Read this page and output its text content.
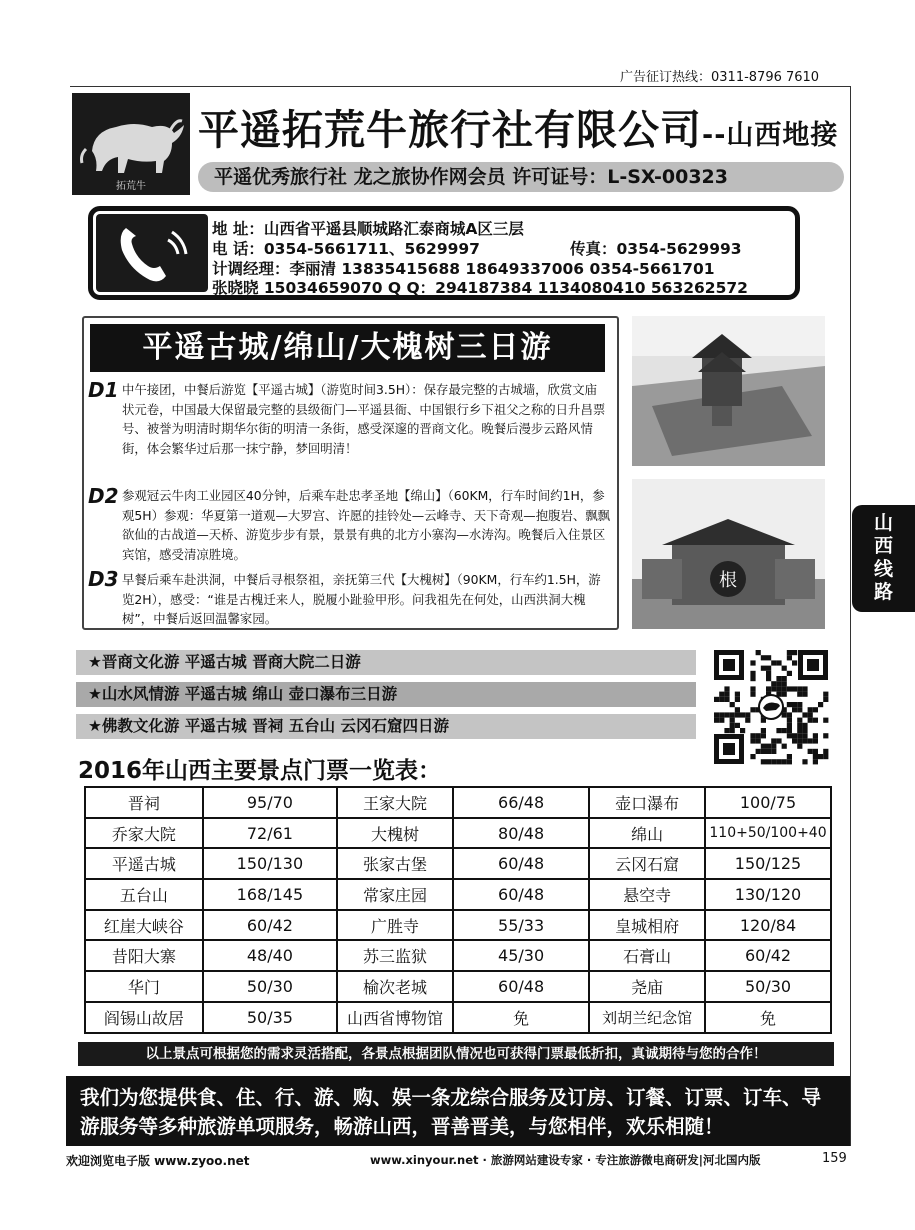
广告征订热线：0311-8796 7610
拓荒牛
平遥拓荒牛旅行社有限公司--山西地接
平遥优秀旅行社 龙之旅协作网会员 许可证号：L-SX-00323
地 址：山西省平遥县顺城路汇泰商城A区三层
电 话：0354-5661711、5629997	传真：0354-5629993
计调经理：李丽清 13835415688 18649337006 0354-5661701
张晓晓 15034659070 Q Q：294187384 1134080410 563262572
平遥古城/绵山/大槐树三日游
D1 中午接团，中餐后游览【平遥古城】（游览时间3.5H）：保存最完整的古城墙，欣赏文庙状元卷，中国最大保留最完整的县级衙门—平遥县衙、中国银行乡下祖父之称的日升昌票号、被誉为明清时期华尔街的明清一条街，感受深邃的晋商文化。晚餐后漫步云路风情街，体会繁华过后那一抹宁静，梦回明清！
D2 参观冠云牛肉工业园区40分钟，后乘车赴忠孝圣地【绵山】（60KM，行车时间约1H，参观5H）参观：华夏第一道观—大罗宫、许愿的挂铃处—云峰寺、天下奇观—抱腹岩、飘飘欲仙的古战道—天桥、游览步步有景，景景有典的北方小寨沟—水涛沟。晚餐后入住景区宾馆，感受清凉胜境。
D3 早餐后乘车赴洪洞，中餐后寻根祭祖，亲抚第三代【大槐树】（90KM，行车约1.5H，游览2H），感受：“谁是古槐迁来人，脱履小趾验甲形。问我祖先在何处，山西洪洞大槐树”，中餐后返回温馨家园。
根
山
西
线
路
★晋商文化游 平遥古城 晋商大院二日游
★山水风情游 平遥古城 绵山 壶口瀑布三日游
★佛教文化游 平遥古城 晋祠 五台山 云冈石窟四日游
2016年山西主要景点门票一览表：
晋祠	95/70	王家大院	66/48	壶口瀑布	100/75
乔家大院	72/61	大槐树	80/48	绵山	110+50/100+40
平遥古城	150/130	张家古堡	60/48	云冈石窟	150/125
五台山	168/145	常家庄园	60/48	悬空寺	130/120
红崖大峡谷	60/42	广胜寺	55/33	皇城相府	120/84
昔阳大寨	48/40	苏三监狱	45/30	石膏山	60/42
华门	50/30	榆次老城	60/48	尧庙	50/30
阎锡山故居	50/35	山西省博物馆	免	刘胡兰纪念馆	免
以上景点可根据您的需求灵活搭配，各景点根据团队情况也可获得门票最低折扣，真诚期待与您的合作！
我们为您提供食、住、行、游、购、娱一条龙综合服务及订房、订餐、订票、订车、导游服务等多种旅游单项服务，畅游山西，晋善晋美，与您相伴，欢乐相随！
欢迎浏览电子版 www.zyoo.net	www.xinyour.net · 旅游网站建设专家 · 专注旅游微电商研发|河北国内版	159
